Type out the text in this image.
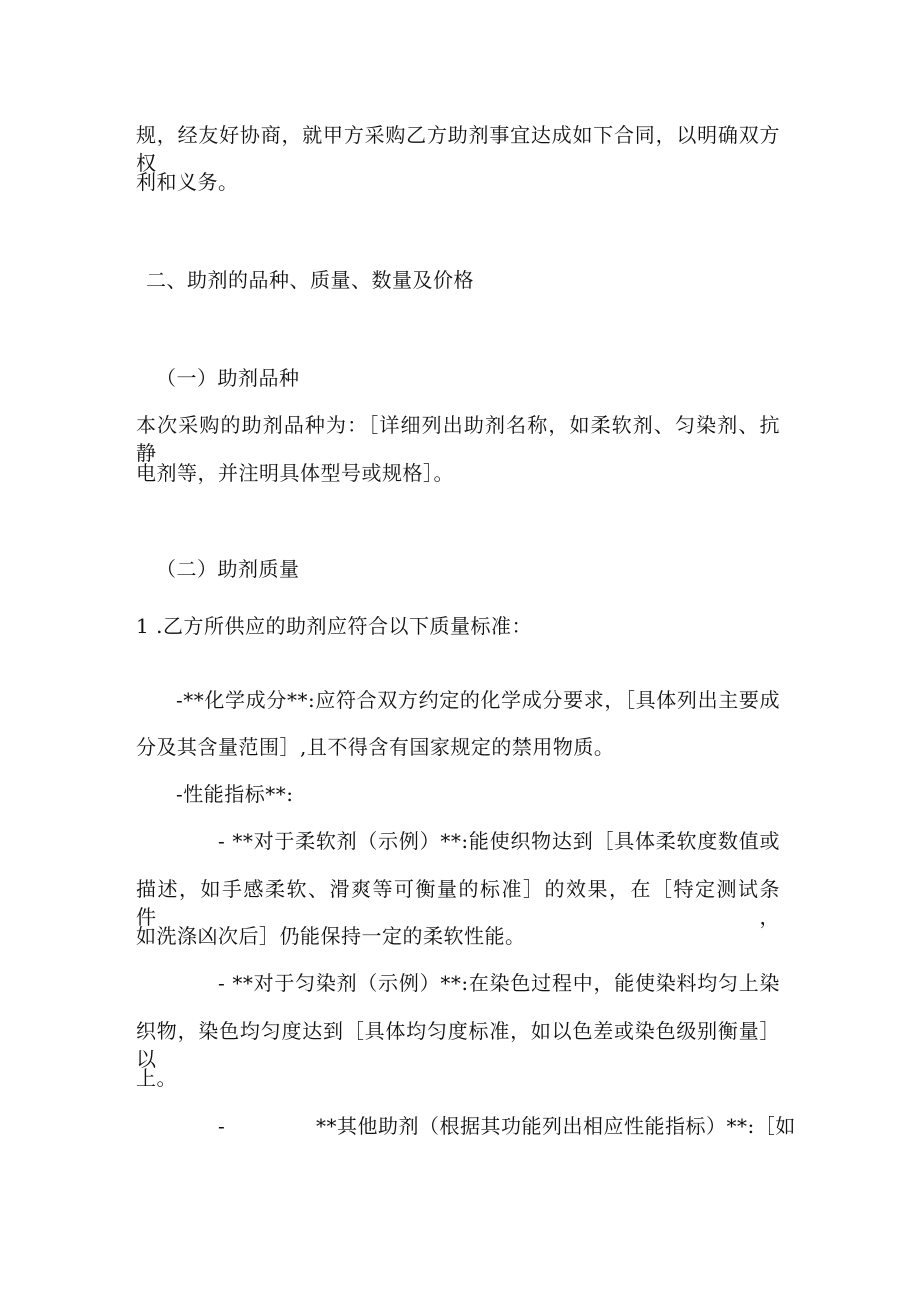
规，经友好协商，就甲方采购乙方助剂事宜达成如下合同，以明确双方权
利和义务。
二、助剂的品种、质量、数量及价格
（一）助剂品种
本次采购的助剂品种为：［详细列出助剂名称，如柔软剂、匀染剂、抗静
电剂等，并注明具体型号或规格］。
（二）助剂质量
1 .乙方所供应的助剂应符合以下质量标准：
-**化学成分**:应符合双方约定的化学成分要求，［具体列出主要成
分及其含量范围］,且不得含有国家规定的禁用物质。
-性能指标**:
- **对于柔软剂（示例）**:能使织物达到［具体柔软度数值或
描述，如手感柔软、滑爽等可衡量的标准］的效果，在［特定测试条件，
如洗涤凶次后］仍能保持一定的柔软性能。
- **对于匀染剂（示例）**:在染色过程中，能使染料均匀上染
织物，染色均匀度达到［具体均匀度标准，如以色差或染色级别衡量］以
上。
-	**其他助剂（根据其功能列出相应性能指标）**:［如
